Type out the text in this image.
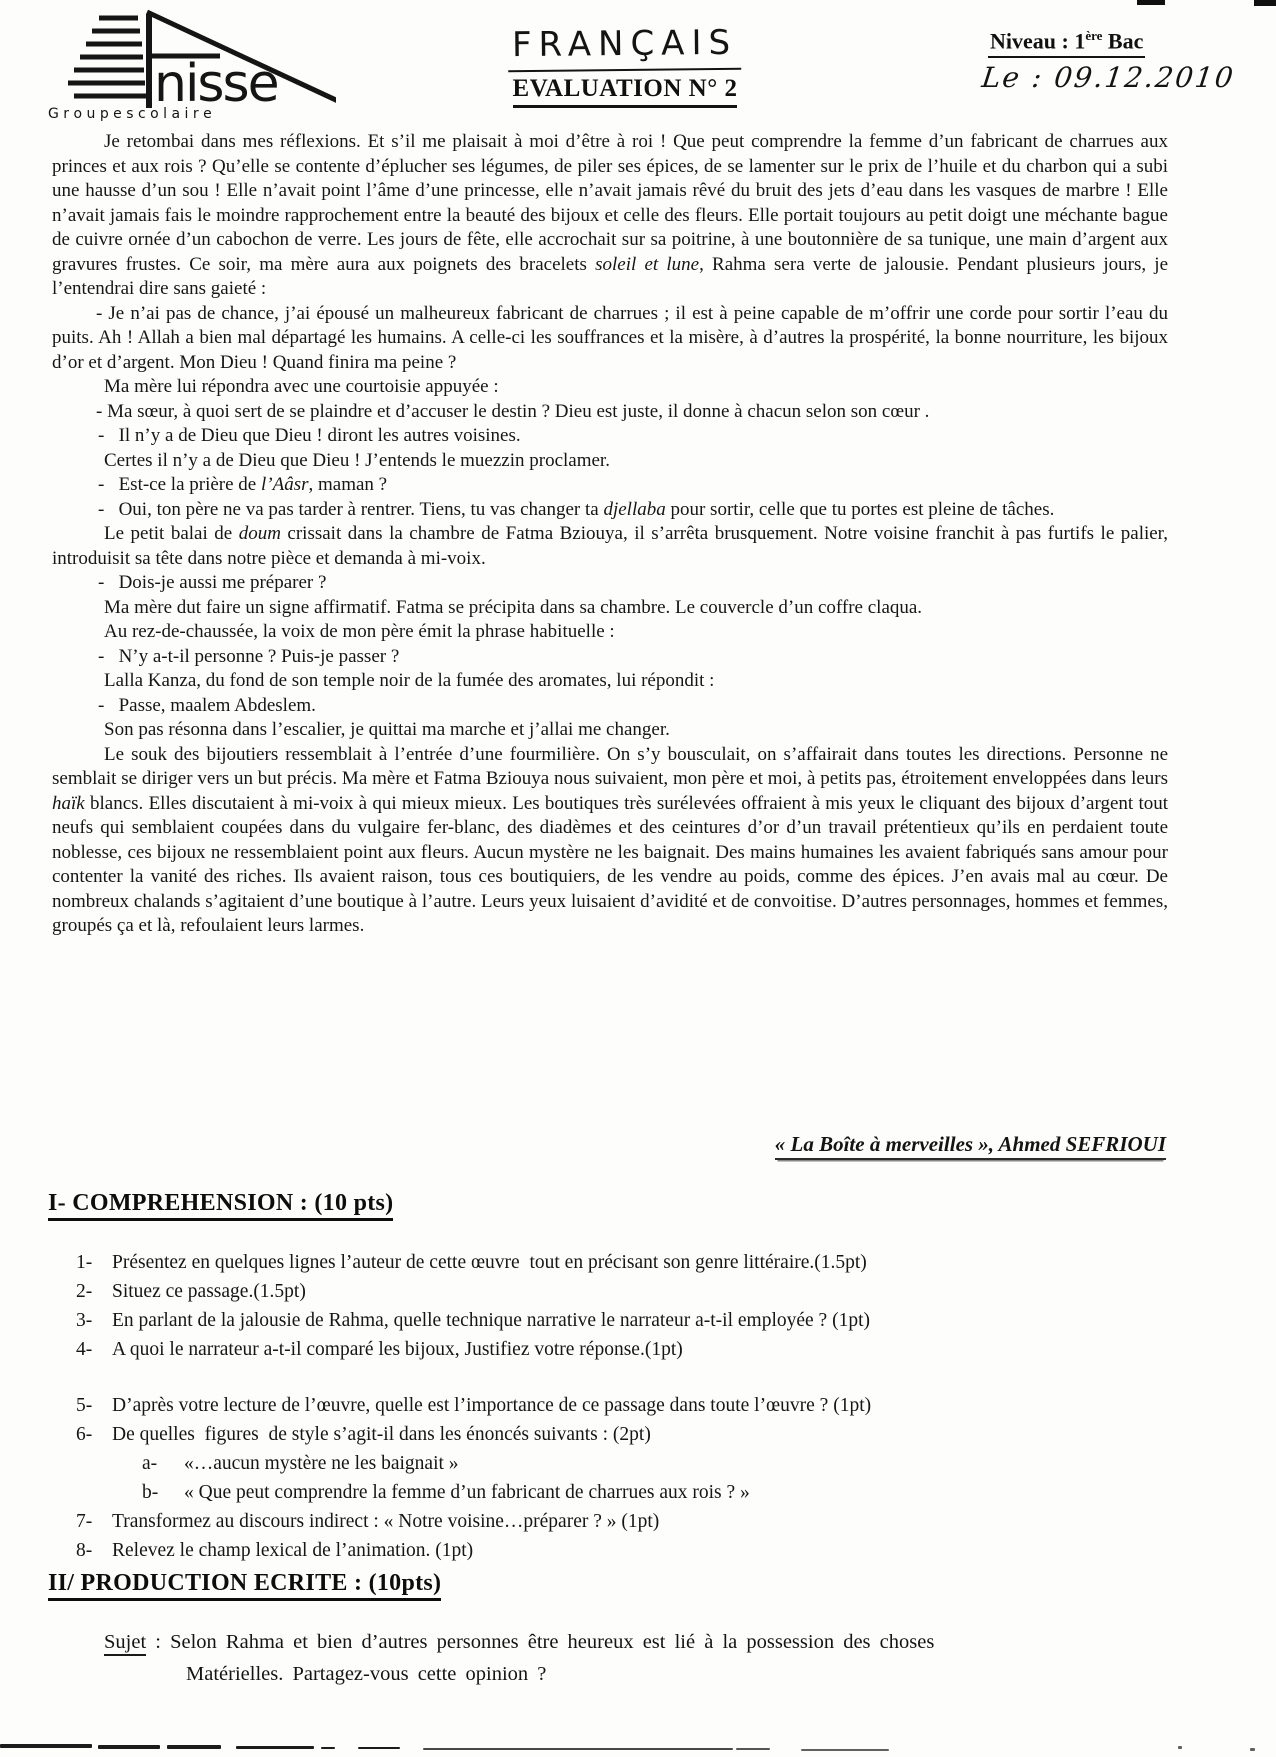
nisse
G r o u p e s c o l a i r e
FRANÇAIS
EVALUATION N° 2
Niveau : 1ère Bac
Le : 09.12.2010

Je retombai dans mes réflexions. Et s’il me plaisait à moi d’être à roi ! Que peut comprendre la femme d’un fabricant de charrues aux princes et aux rois ? Qu’elle se contente d’éplucher ses légumes, de piler ses épices, de se lamenter sur le prix de l’huile et du charbon qui a subi une hausse d’un sou ! Elle n’avait point l’âme d’une princesse, elle n’avait jamais rêvé du bruit des jets d’eau dans les vasques de marbre ! Elle n’avait jamais fais le moindre rapprochement entre la beauté des bijoux et celle des fleurs. Elle portait toujours au petit doigt une méchante bague de cuivre ornée d’un cabochon de verre. Les jours de fête, elle accrochait sur sa poitrine, à une boutonnière de sa tunique, une main d’argent aux gravures frustes. Ce soir, ma mère aura aux poignets des bracelets soleil et lune, Rahma sera verte de jalousie. Pendant plusieurs jours, je l’entendrai dire sans gaieté :

- Je n’ai pas de chance, j’ai épousé un malheureux fabricant de charrues ; il est à peine capable de m’offrir une corde pour sortir l’eau du puits. Ah ! Allah a bien mal départagé les humains. A celle-ci les souffrances et la misère, à d’autres la prospérité, la bonne nourriture, les bijoux d’or et d’argent. Mon Dieu ! Quand finira ma peine ?

Ma mère lui répondra avec une courtoisie appuyée :

- Ma sœur, à quoi sert de se plaindre et d’accuser le destin ? Dieu est juste, il donne à chacun selon son cœur .

-   Il n’y a de Dieu que Dieu ! diront les autres voisines.

Certes il n’y a de Dieu que Dieu ! J’entends le muezzin proclamer.

-   Est-ce la prière de l’Aâsr, maman ?

-   Oui, ton père ne va pas tarder à rentrer. Tiens, tu vas changer ta djellaba pour sortir, celle que tu portes est pleine de tâches.

Le petit balai de doum crissait dans la chambre de Fatma Bziouya, il s’arrêta brusquement. Notre voisine franchit à pas furtifs le palier, introduisit sa tête dans notre pièce et demanda à mi-voix.

-   Dois-je aussi me préparer ?

Ma mère dut faire un signe affirmatif. Fatma se précipita dans sa chambre. Le couvercle d’un coffre claqua.

Au rez-de-chaussée, la voix de mon père émit la phrase habituelle :

-   N’y a-t-il personne ? Puis-je passer ?

Lalla Kanza, du fond de son temple noir de la fumée des aromates, lui répondit :

-   Passe, maalem Abdeslem.

Son pas résonna dans l’escalier, je quittai ma marche et j’allai me changer.

Le souk des bijoutiers ressemblait à l’entrée d’une fourmilière. On s’y bousculait, on s’affairait dans toutes les directions. Personne ne semblait se diriger vers un but précis. Ma mère et Fatma Bziouya nous suivaient, mon père et moi, à petits pas, étroitement enveloppées dans leurs haïk blancs. Elles discutaient à mi-voix à qui mieux mieux. Les boutiques très surélevées offraient à mis yeux le cliquant des bijoux d’argent tout neufs qui semblaient coupées dans du vulgaire fer-blanc, des diadèmes et des ceintures d’or d’un travail prétentieux qu’ils en perdaient toute noblesse, ces bijoux ne ressemblaient point aux fleurs. Aucun mystère ne les baignait. Des mains humaines les avaient fabriqués sans amour pour contenter la vanité des riches. Ils avaient raison, tous ces boutiquiers, de les vendre au poids, comme des épices. J’en avais mal au cœur. De nombreux chalands s’agitaient d’une boutique à l’autre. Leurs yeux luisaient d’avidité et de convoitise. D’autres personnages, hommes et femmes, groupés ça et là, refoulaient leurs larmes.

« La Boîte à merveilles », Ahmed SEFRIOUI
I- COMPREHENSION : (10 pts)
1- Présentez en quelques lignes l’auteur de cette œuvre  tout en précisant son genre littéraire.(1.5pt)
2- Situez ce passage.(1.5pt)
3- En parlant de la jalousie de Rahma, quelle technique narrative le narrateur a-t-il employée ? (1pt)
4- A quoi le narrateur a-t-il comparé les bijoux, Justifiez votre réponse.(1pt)
5- D’après votre lecture de l’œuvre, quelle est l’importance de ce passage dans toute l’œuvre ? (1pt)
6- De quelles  figures  de style s’agit-il dans les énoncés suivants : (2pt)
a- «…aucun mystère ne les baignait »
b- « Que peut comprendre la femme d’un fabricant de charrues aux rois ? »
7- Transformez au discours indirect : « Notre voisine…préparer ? » (1pt)
8- Relevez le champ lexical de l’animation. (1pt)
II/ PRODUCTION ECRITE : (10pts)
Sujet : Selon Rahma et bien d’autres personnes être heureux est lié à la possession des choses
Matérielles. Partagez-vous cette opinion ?
